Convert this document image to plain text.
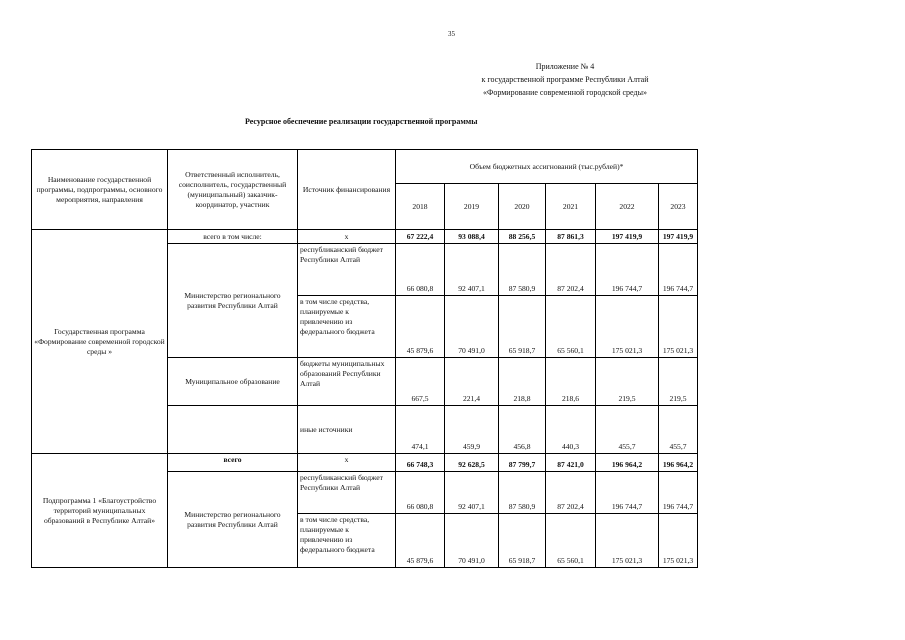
35
Приложение № 4
к государственной программе Республики Алтай
«Формирование современной городской среды»
Ресурсное обеспечение реализации государственной программы
Наименование государственной программы, подпрограммы, основного мероприятия, направления	Ответственный исполнитель, соисполнитель, государственный (муниципальный) заказчик-координатор, участник	Источник финансирования	Объем бюджетных ассигнований (тыс.рублей)*					
			2018	2019	2020	2021	2022	2023
Государственная программа «Формирование современной городской среды »	всего в том числе:	х	67 222,4	93 088,4	88 256,5	87 861,3	197 419,9	197 419,9
	Министерство регионального развития Республики Алтай	республиканский бюджет Республики Алтай	66 080,8	92 407,1	87 580,9	87 202,4	196 744,7	196 744,7
		в том числе средства, планируемые к привлечению из федерального бюджета	45 879,6	70 491,0	65 918,7	65 560,1	175 021,3	175 021,3
	Муниципальное образование	бюджеты муниципальных образований Республики Алтай	667,5	221,4	218,8	218,6	219,5	219,5
		иные источники	474,1	459,9	456,8	440,3	455,7	455,7
Подпрограмма 1 «Благоустройство территорий муниципальных образований в Республике Алтай»	всего	х	66 748,3	92 628,5	87 799,7	87 421,0	196 964,2	196 964,2
	Министерство регионального развития Республики Алтай	республиканский бюджет Республики Алтай	66 080,8	92 407,1	87 580,9	87 202,4	196 744,7	196 744,7
		в том числе средства, планируемые к привлечению из федерального бюджета	45 879,6	70 491,0	65 918,7	65 560,1	175 021,3	175 021,3
